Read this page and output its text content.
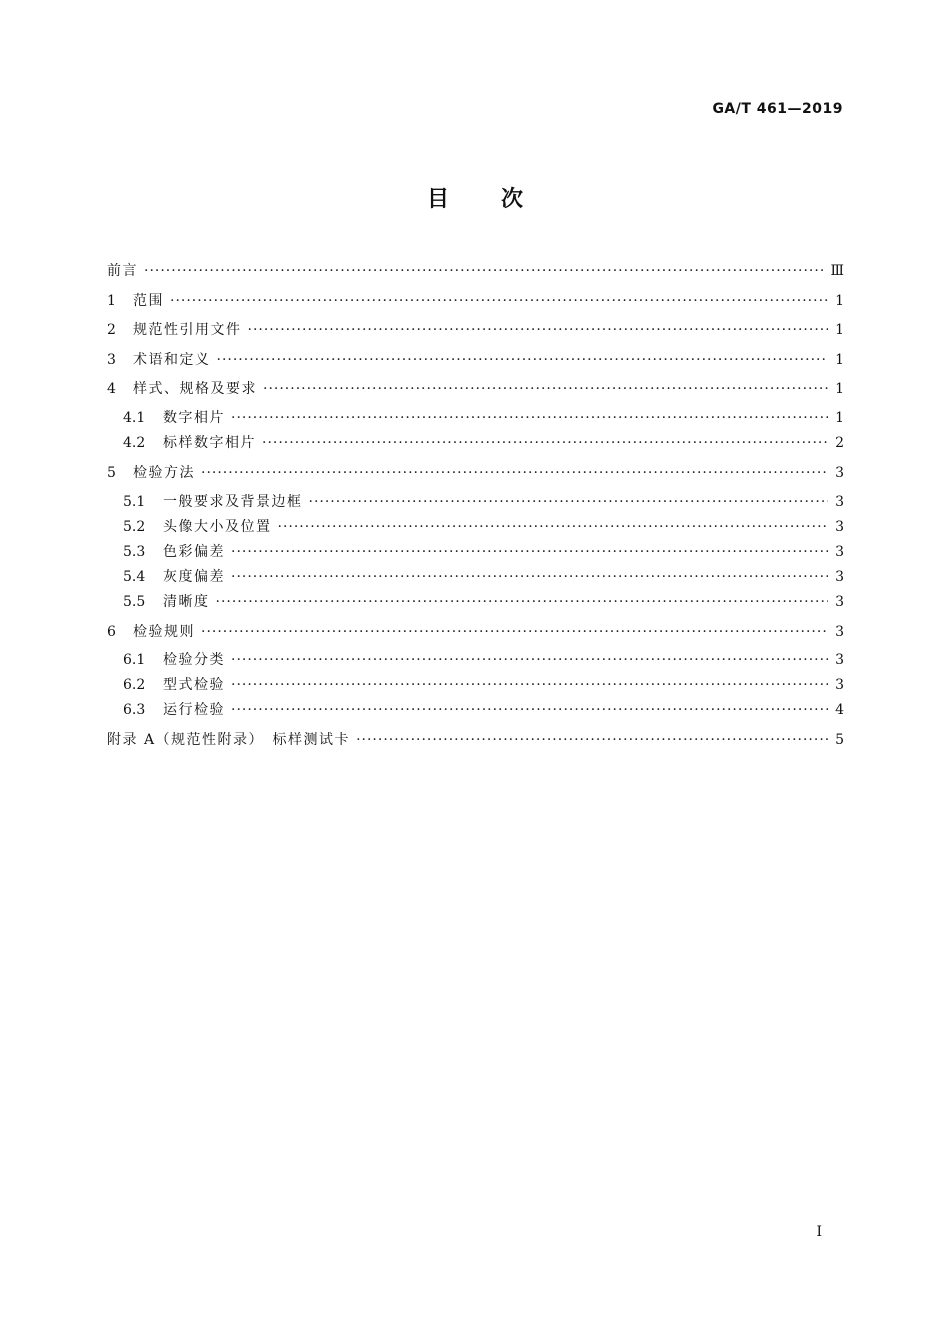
GA/T 461—2019
目 次
前言 ·····	Ⅲ
1	范围 ·····	1
2	规范性引用文件 ·····	1
3	术语和定义 ·····	1
4	样式、规格及要求 ·····	1
4.1	数字相片 ·····	1
4.2	标样数字相片 ·····	2
5	检验方法 ·····	3
5.1	一般要求及背景边框 ·····	3
5.2	头像大小及位置 ·····	3
5.3	色彩偏差 ·····	3
5.4	灰度偏差 ·····	3
5.5	清晰度 ·····	3
6	检验规则 ·····	3
6.1	检验分类 ·····	3
6.2	型式检验 ·····	3
6.3	运行检验 ·····	4
附录 A（规范性附录）　标样测试卡 ·····	5
Ⅰ
